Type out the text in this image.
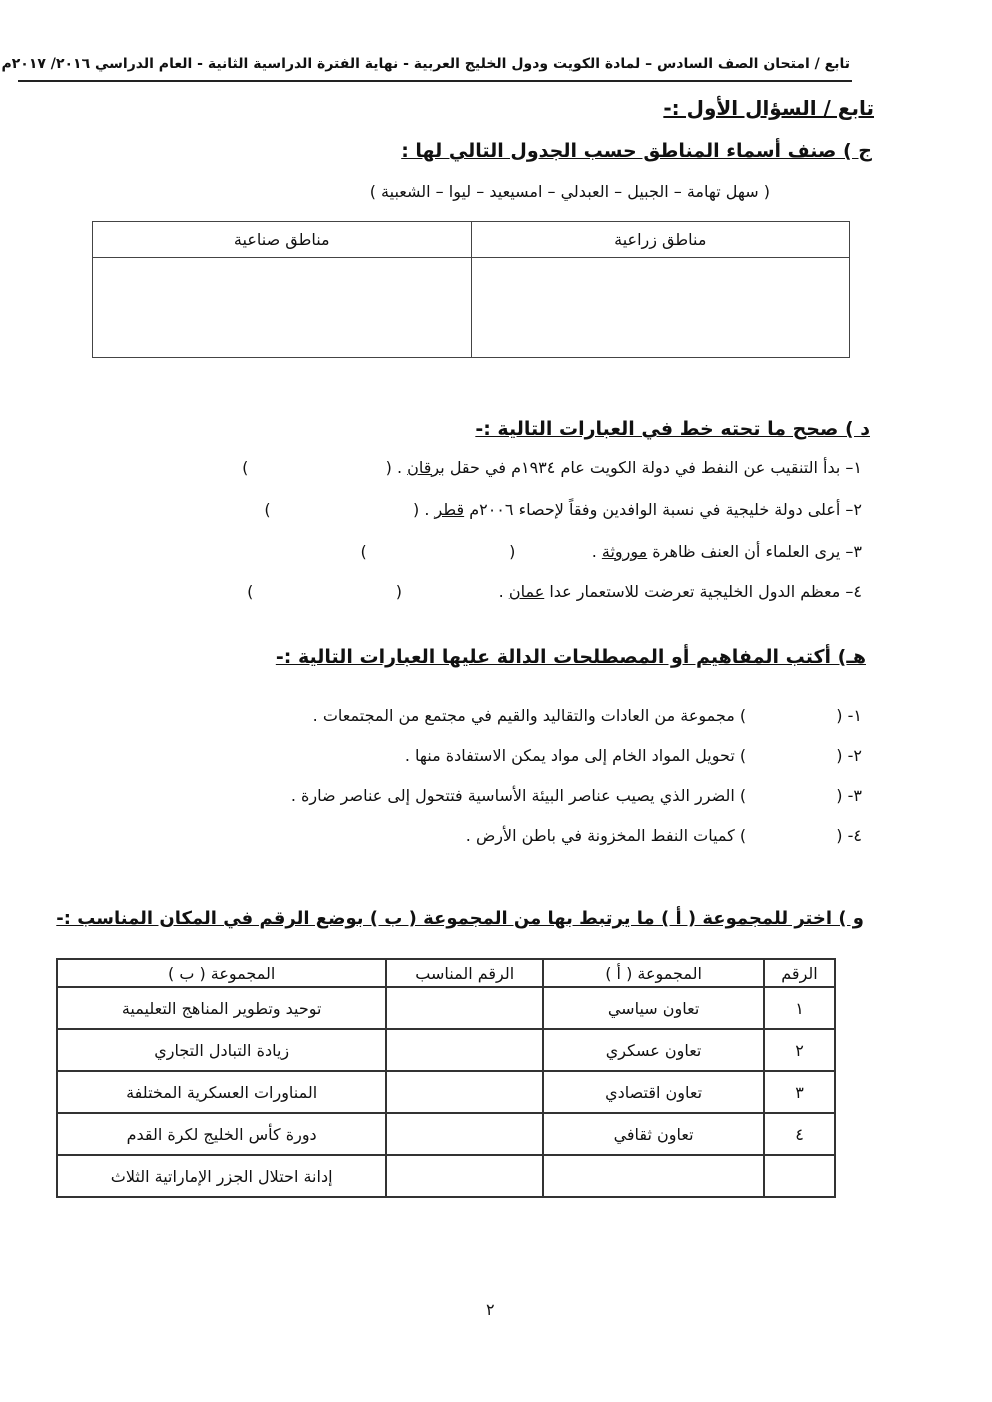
تابع / امتحان الصف السادس – لمادة الكويت ودول الخليج العربية - نهاية الفترة الدراسية الثانية - العام الدراسي ٢٠١٦/ ٢٠١٧م
تابع / السؤال الأول :-
ج ) صنف أسماء المناطق حسب الجدول التالي لها :
( سهل تهامة – الجبيل – العبدلي – امسيعيد – ليوا – الشعبية )
مناطق زراعية	مناطق صناعية

د ) صحح ما تحته خط في العبارات التالية :-
١– بدأ التنقيب عن النفط في دولة الكويت عام ١٩٣٤م في حقل برقان . (                           )
٢– أعلى دولة خليجية في نسبة الوافدين وفقاً لإحصاء ٢٠٠٦م قطر . (                            )
٣– يرى العلماء أن العنف ظاهرة موروثة .               (                            )
٤– معظم الدول الخليجية تعرضت للاستعمار عدا عمان .                   (                            )
هـ) أكتب المفاهيم أو المصطلحات الدالة عليها العبارات التالية :-
١- (  ) مجموعة من العادات والتقاليد والقيم في مجتمع من المجتمعات .
٢- (  ) تحويل المواد الخام إلى مواد يمكن الاستفادة منها .
٣- (  ) الضرر الذي يصيب عناصر البيئة الأساسية فتتحول إلى عناصر ضارة .
٤- (  ) كميات النفط المخزونة في باطن الأرض .
و ) اختر للمجموعة ( أ ) ما يرتبط بها من المجموعة ( ب ) بوضع الرقم في المكان المناسب :-
الرقم	المجموعة ( أ )	الرقم المناسب	المجموعة ( ب )
١	تعاون سياسي		توحيد وتطوير المناهج التعليمية
٢	تعاون عسكري		زيادة التبادل التجاري
٣	تعاون اقتصادي		المناورات العسكرية المختلفة
٤	تعاون ثقافي		دورة كأس الخليج لكرة القدم
			إدانة احتلال الجزر الإماراتية الثلاث
٢
